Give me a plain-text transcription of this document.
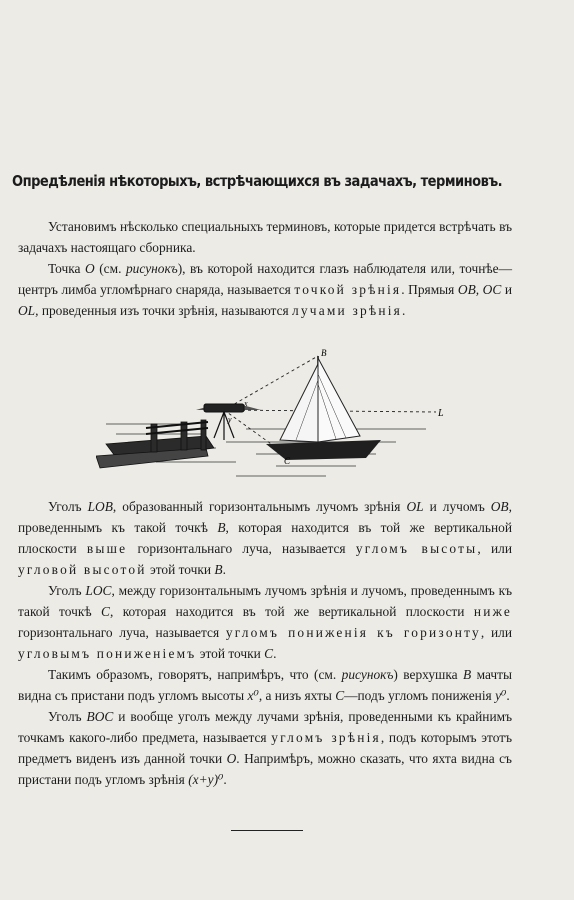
Опредѣленія нѣкоторыхъ, встрѣчающихся въ задачахъ, терминовъ.

Установимъ нѣсколько специальныхъ терминовъ, которые придется встрѣчать въ задачахъ настоящаго сборника.

Точка O (см. рисунокъ), въ которой находится глазъ наблюдателя или, точнѣе—центръ лимба угломѣрнаго снаряда, называется точкой зрѣнія. Прямыя OB, OC и OL, проведенныя изъ точки зрѣнія, называются лучами зрѣнія.

B
L
C
x
y

Уголъ LOB, образованный горизонтальнымъ лучомъ зрѣнія OL и лучомъ OB, проведеннымъ къ такой точкѣ B, которая находится въ той же вертикальной плоскости выше горизонтальнаго луча, называется угломъ высоты, или угловой высотой этой точки B.

Уголъ LOC, между горизонтальнымъ лучомъ зрѣнія и лучомъ, проведеннымъ къ такой точкѣ C, которая находится въ той же вертикальной плоскости ниже горизонтальнаго луча, называется угломъ пониженія къ горизонту, или угловымъ пониженіемъ этой точки C.

Такимъ образомъ, говорятъ, напримѣръ, что (см. рисунокъ) верхушка B мачты видна съ пристани подъ угломъ высоты x⁰, а низъ яхты C—подъ угломъ пониженія y⁰.

Уголъ BOC и вообще уголъ между лучами зрѣнія, проведенными къ крайнимъ точкамъ какого-либо предмета, называется угломъ зрѣнія, подъ которымъ этотъ предметъ виденъ изъ данной точки O. Напримѣръ, можно сказать, что яхта видна съ пристани подъ угломъ зрѣнія (x+y)⁰.
